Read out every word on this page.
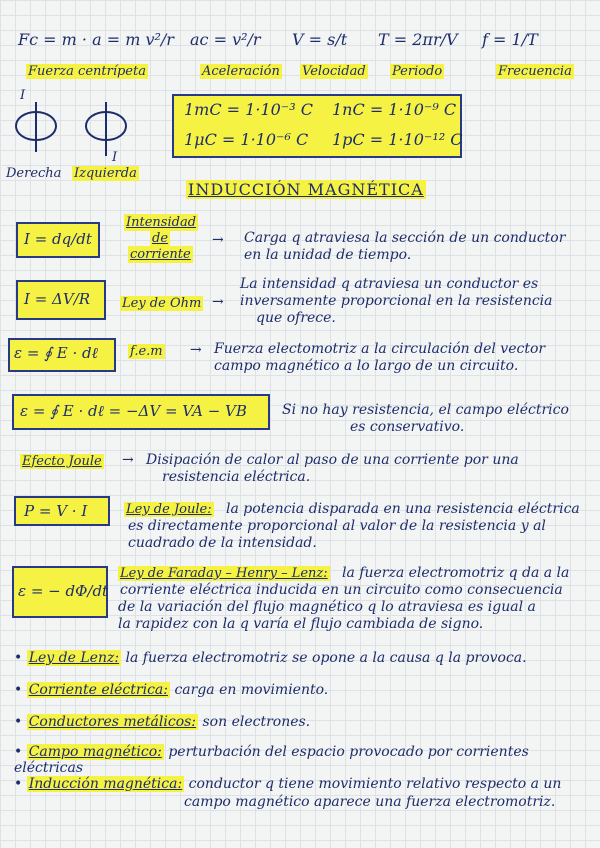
Fc = m · a = m v²/r
Fuerza centrípeta
ac = v²/r
Aceleración
V = s/t
Velocidad
T = 2πr/V
Periodo
f = 1/T
Frecuencia
I
I
Derecha Izquierda
1mC = 1·10⁻³ C 1nC = 1·10⁻⁹ C
1μC = 1·10⁻⁶ C 1pC = 1·10⁻¹² C
INDUCCIÓN MAGNÉTICA
I = dq/dt
Intensidad
de
corriente
→ Carga q atraviesa la sección de un conductor
en la unidad de tiempo.
I = ΔV/R Ley de Ohm →
La intensidad q atraviesa un conductor es
inversamente proporcional en la resistencia
que ofrece.
ε = ∮ E · dℓ f.e.m → Fuerza electomotriz a la circulación del vector
campo magnético a lo largo de un circuito.
ε = ∮ E · dℓ = −ΔV = VA − VB	Si no hay resistencia, el campo eléctrico
es conservativo.
Efecto Joule → Disipación de calor al paso de una corriente por una
resistencia eléctrica.
P = V · I	Ley de Joule: la potencia disparada en una resistencia eléctrica
es directamente proporcional al valor de la resistencia y al
cuadrado de la intensidad.
ε = − dΦ/dt
Ley de Faraday – Henry – Lenz: la fuerza electromotriz q da a la
corriente eléctrica inducida en un circuito como consecuencia
de la variación del flujo magnético q lo atraviesa es igual a
la rapidez con la q varía el flujo cambiada de signo.
• Ley de Lenz: la fuerza electromotriz se opone a la causa q la provoca.
• Corriente eléctrica: carga en movimiento.
• Conductores metálicos: son electrones.
• Campo magnético: perturbación del espacio provocado por corrientes eléctricas
• Inducción magnética: conductor q tiene movimiento relativo respecto a un
campo magnético aparece una fuerza electromotriz.
